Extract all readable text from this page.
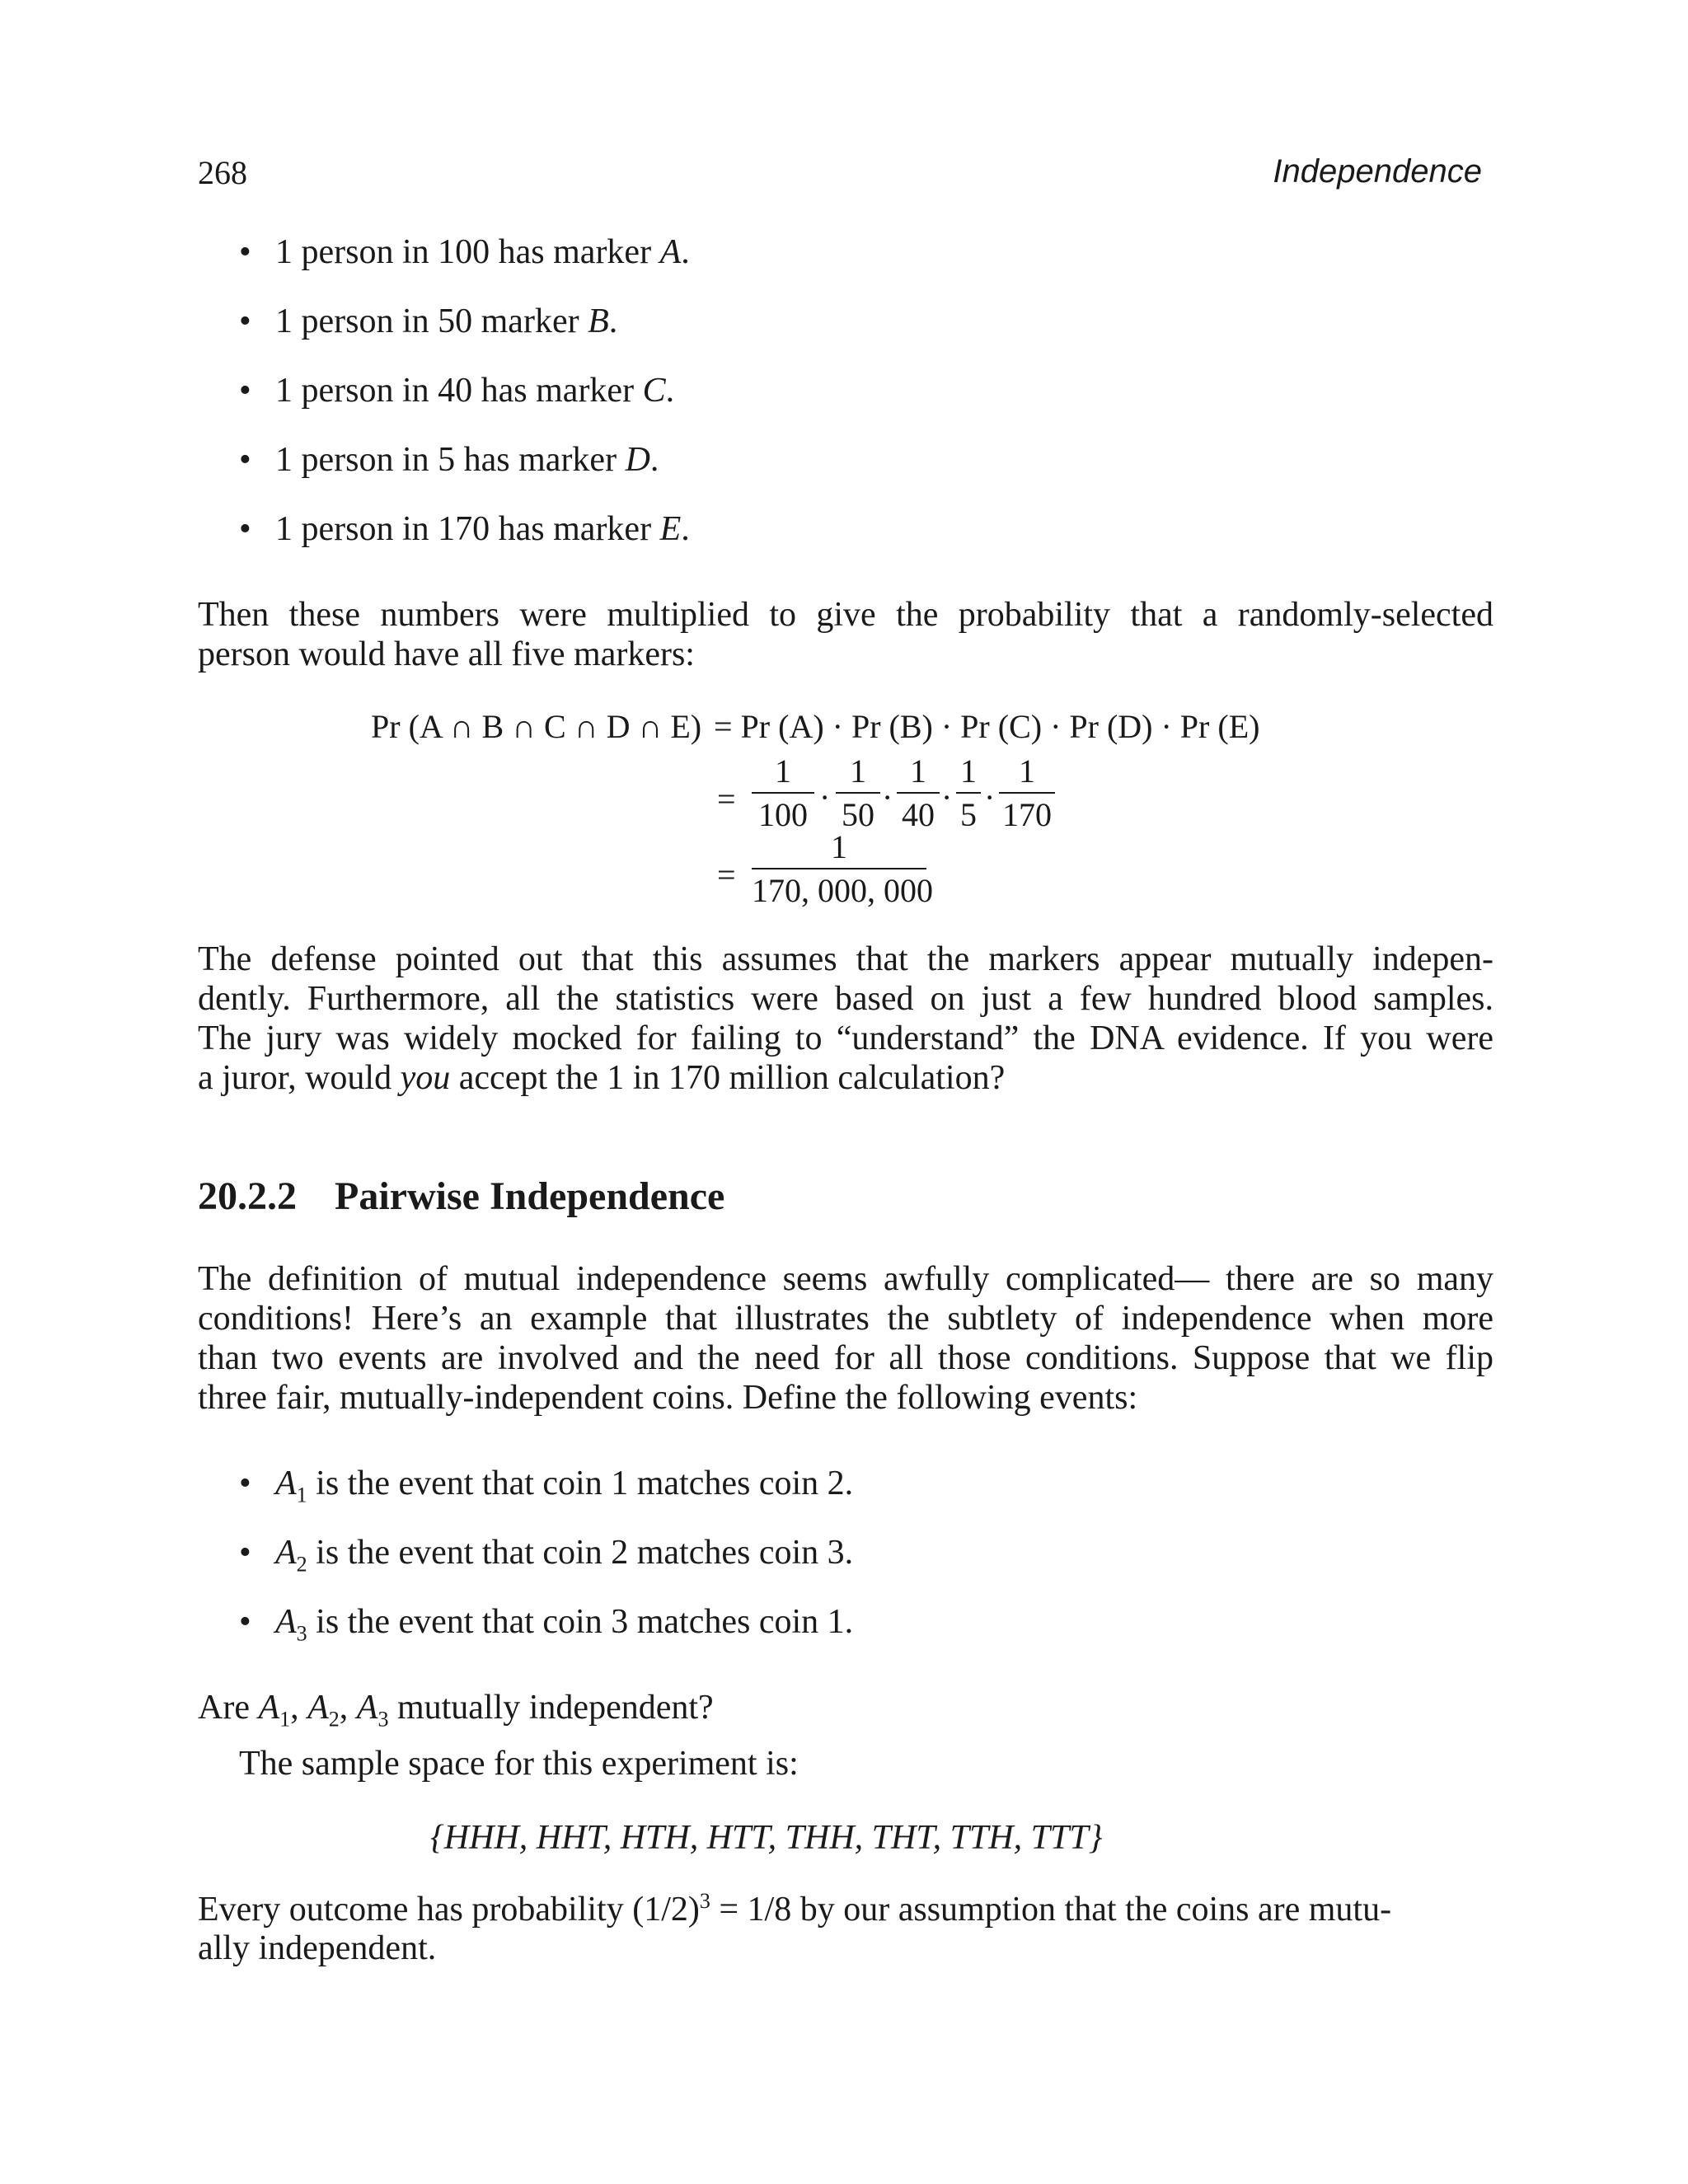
268	Independence
• 1 person in 100 has marker A.
• 1 person in 50 marker B.
• 1 person in 40 has marker C.
• 1 person in 5 has marker D.
• 1 person in 170 has marker E.
Then these numbers were multiplied to give the probability that a randomly-selected
person would have all five markers:
Pr (A ∩ B ∩ C ∩ D ∩ E) = Pr (A) · Pr (B) · Pr (C) · Pr (D) · Pr (E)
=
1
100 ·
1
50 ·
1
40 ·
1
5 ·
1
170
=
1
170, 000, 000
The defense pointed out that this assumes that the markers appear mutually indepen-
dently. Furthermore, all the statistics were based on just a few hundred blood samples.
The jury was widely mocked for failing to “understand” the DNA evidence. If you were
a juror, would you accept the 1 in 170 million calculation?
20.2.2 Pairwise Independence
The definition of mutual independence seems awfully complicated— there are so many
conditions! Here’s an example that illustrates the subtlety of independence when more
than two events are involved and the need for all those conditions. Suppose that we flip
three fair, mutually-independent coins. Define the following events:
• $A_1$ is the event that coin 1 matches coin 2.
• $A_2$ is the event that coin 2 matches coin 3.
• $A_3$ is the event that coin 3 matches coin 1.
Are $A_1$, $A_2$, $A_3$ mutually independent?
The sample space for this experiment is:
{HHH, HHT, HTH, HTT, THH, THT, TTH, TTT}
Every outcome has probability $(1/2)^3 = 1/8$ by our assumption that the coins are mutu-
ally independent.
